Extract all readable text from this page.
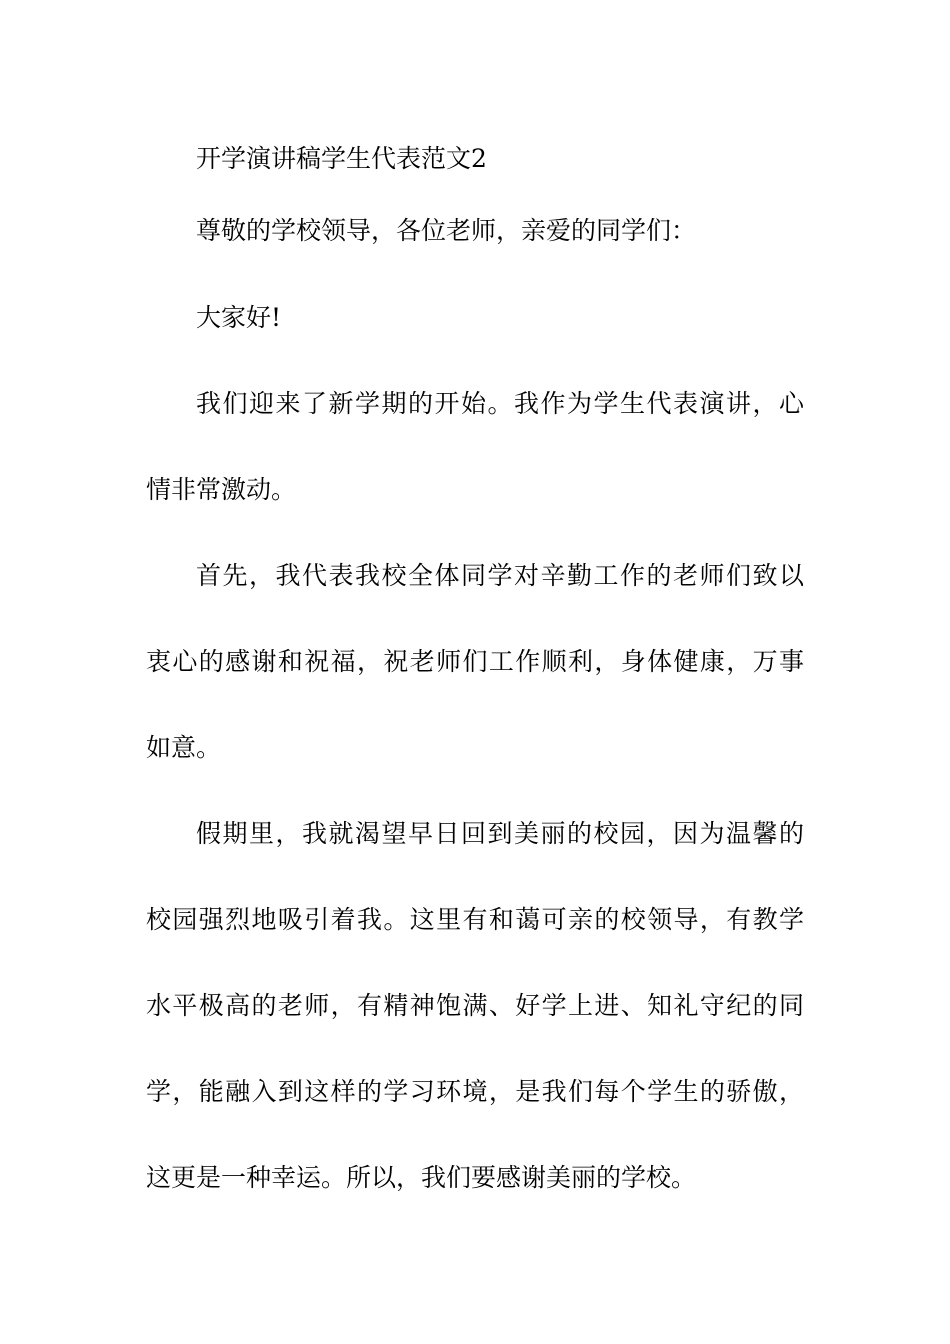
开学演讲稿学生代表范文2
尊敬的学校领导，各位老师，亲爱的同学们：
大家好!
我们迎来了新学期的开始。我作为学生代表演讲，心
情非常激动。
首先，我代表我校全体同学对辛勤工作的老师们致以
衷心的感谢和祝福，祝老师们工作顺利，身体健康，万事
如意。
假期里，我就渴望早日回到美丽的校园，因为温馨的
校园强烈地吸引着我。这里有和蔼可亲的校领导，有教学
水平极高的老师，有精神饱满、好学上进、知礼守纪的同
学，能融入到这样的学习环境，是我们每个学生的骄傲，
这更是一种幸运。所以，我们要感谢美丽的学校。
